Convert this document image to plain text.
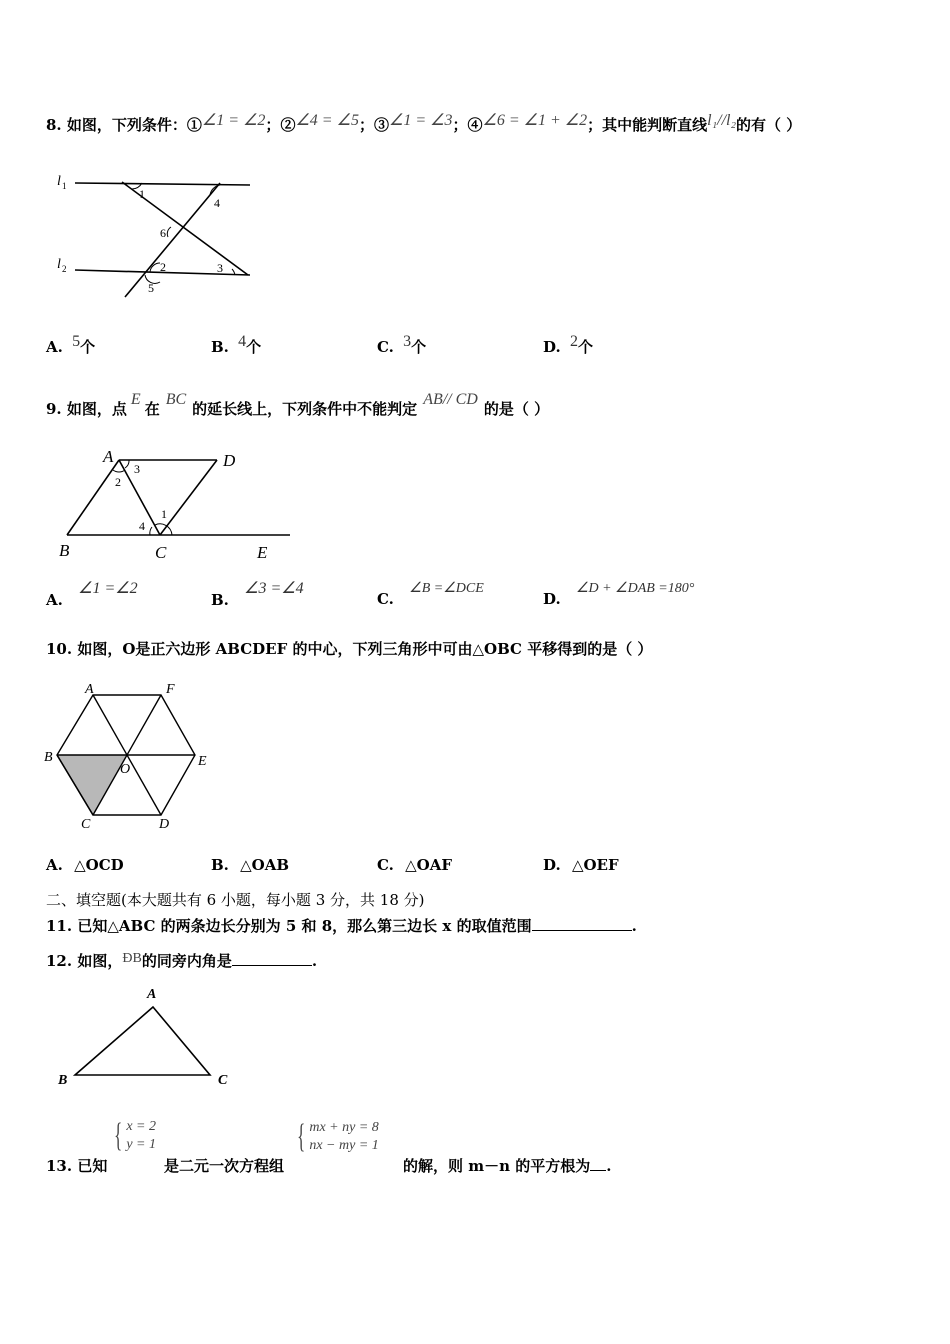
8. 如图，下列条件：①∠1 = ∠2；②∠4 = ∠5；③∠1 = ∠3；④∠6 = ∠1 + ∠2；其中能判断直线l₁//l₂的有（ ）
l 1
l 2
1
2	3
4
5
6
A. 5个	B. 4个	C. 3个	D. 2个
9. 如图，点E在BC的延长线上，下列条件中不能判定AB// CD的是（ ）
A	D
B	C	E
1
2
3
4
A. ∠1 =∠2
B. ∠3 =∠4
C. ∠B =∠DCE
D. ∠D + ∠DAB =180°
10. 如图，O是正六边形 ABCDEF 的中心，下列三角形中可由△OBC 平移得到的是（ ）
A	F
B	E
O
C	D
A. △OCD	B. △OAB	C. △OAF	D. △OEF
二、填空题(本大题共有 6 小题，每小题 3 分，共 18 分)
11. 已知△ABC 的两条边长分别为 5 和 8，那么第三边长 x 的取值范围	.
12. 如图，ÐB的同旁内角是	.
A
B	C
13. 已知
{ x = 2
y = 1
是二元一次方程组
{ mx + ny = 8
nx − my = 1
的解，则 m－n 的平方根为 .
